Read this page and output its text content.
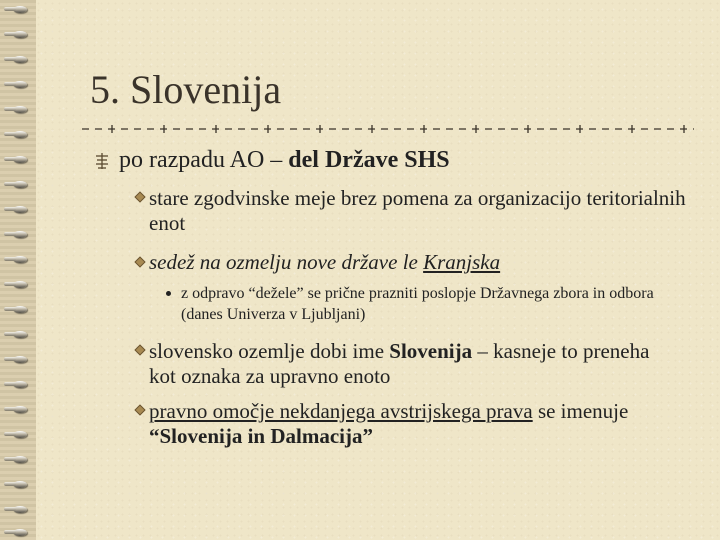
5. Slovenija
po razpadu AO – del Države SHS
stare zgodvinske meje brez pomena za organizacijo teritorialnih enot
sedež na ozmelju nove države le Kranjska
z odpravo “dežele” se prične prazniti poslopje Državnega zbora in odbora (danes Univerza v Ljubljani)
slovensko ozemlje dobi ime Slovenija – kasneje to preneha kot oznaka za upravno enoto
pravno omočje nekdanjega avstrijskega prava se imenuje “Slovenija in Dalmacija”
